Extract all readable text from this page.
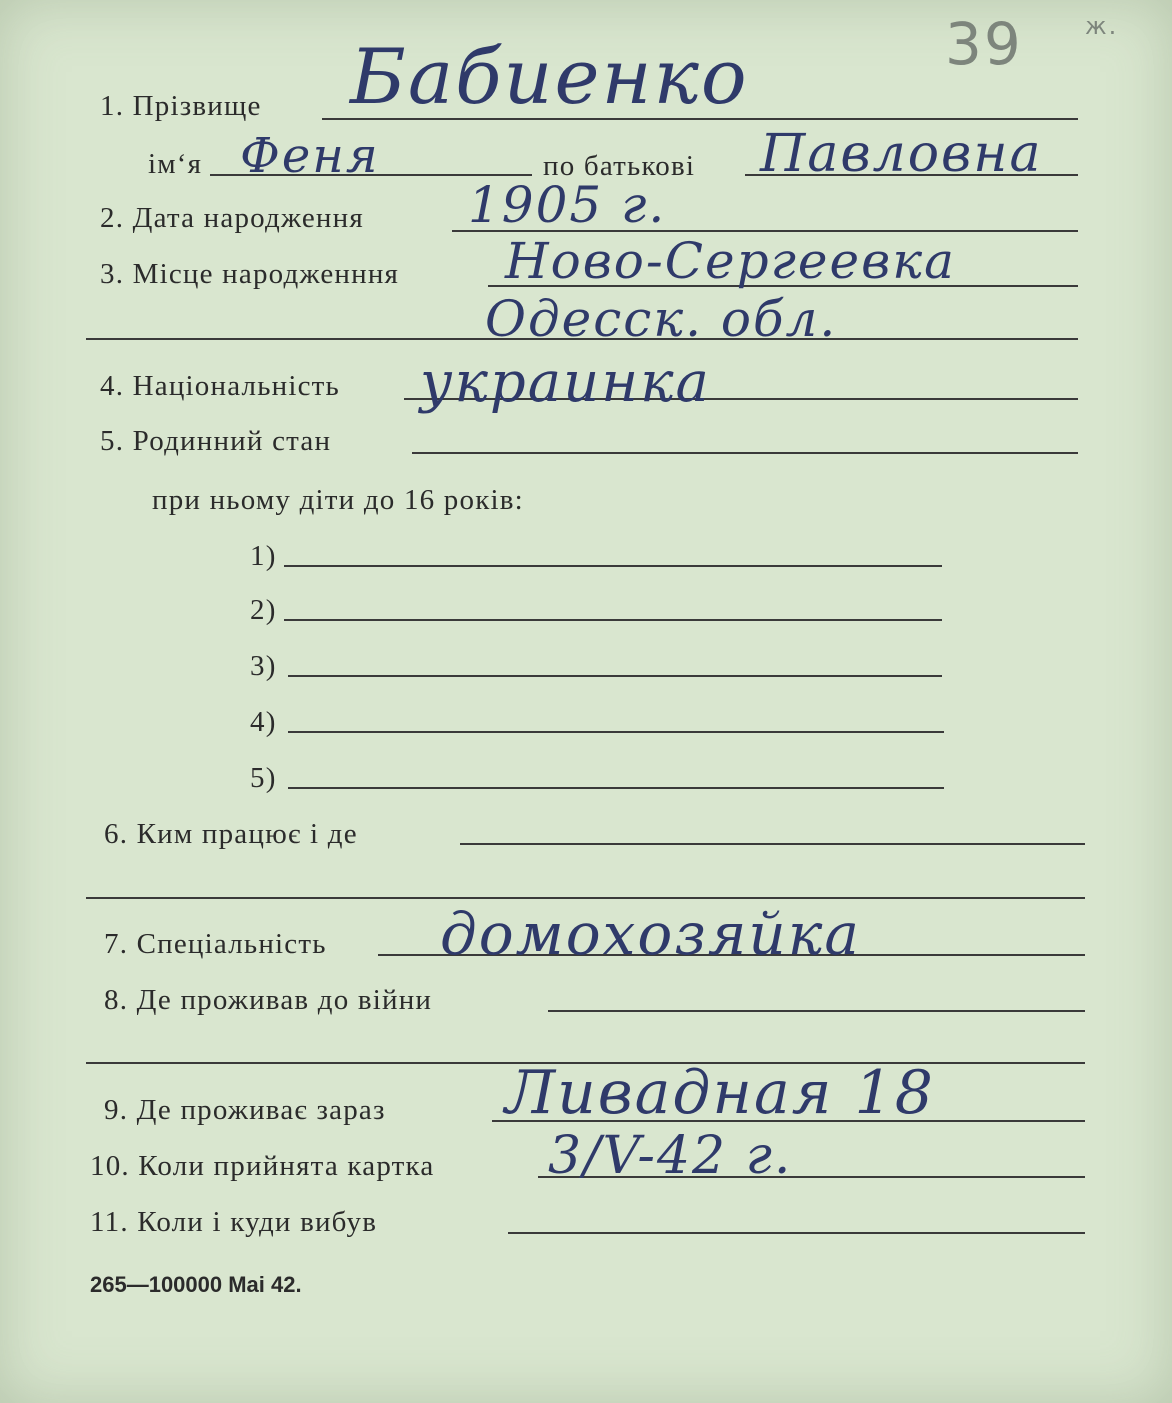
39	ж.
1. Прізвище Бабиенко
ім‘я Феня	по батькові Павловна
2. Дата народження 1905 г.
3. Місце народженння Ново-Сергеевка
Одесск. обл.
4. Національність украинка
5. Родинний стан
при ньому діти до 16 років:
1)
2)
3)
4)
5)
6. Ким працює і де
7. Спеціальність домохозяйка
8. Де проживав до війни
9. Де проживає зараз Ливадная 18
10. Коли прийнята картка 3/V-42 г.
11. Коли і куди вибув
265—100000 Mai 42.
